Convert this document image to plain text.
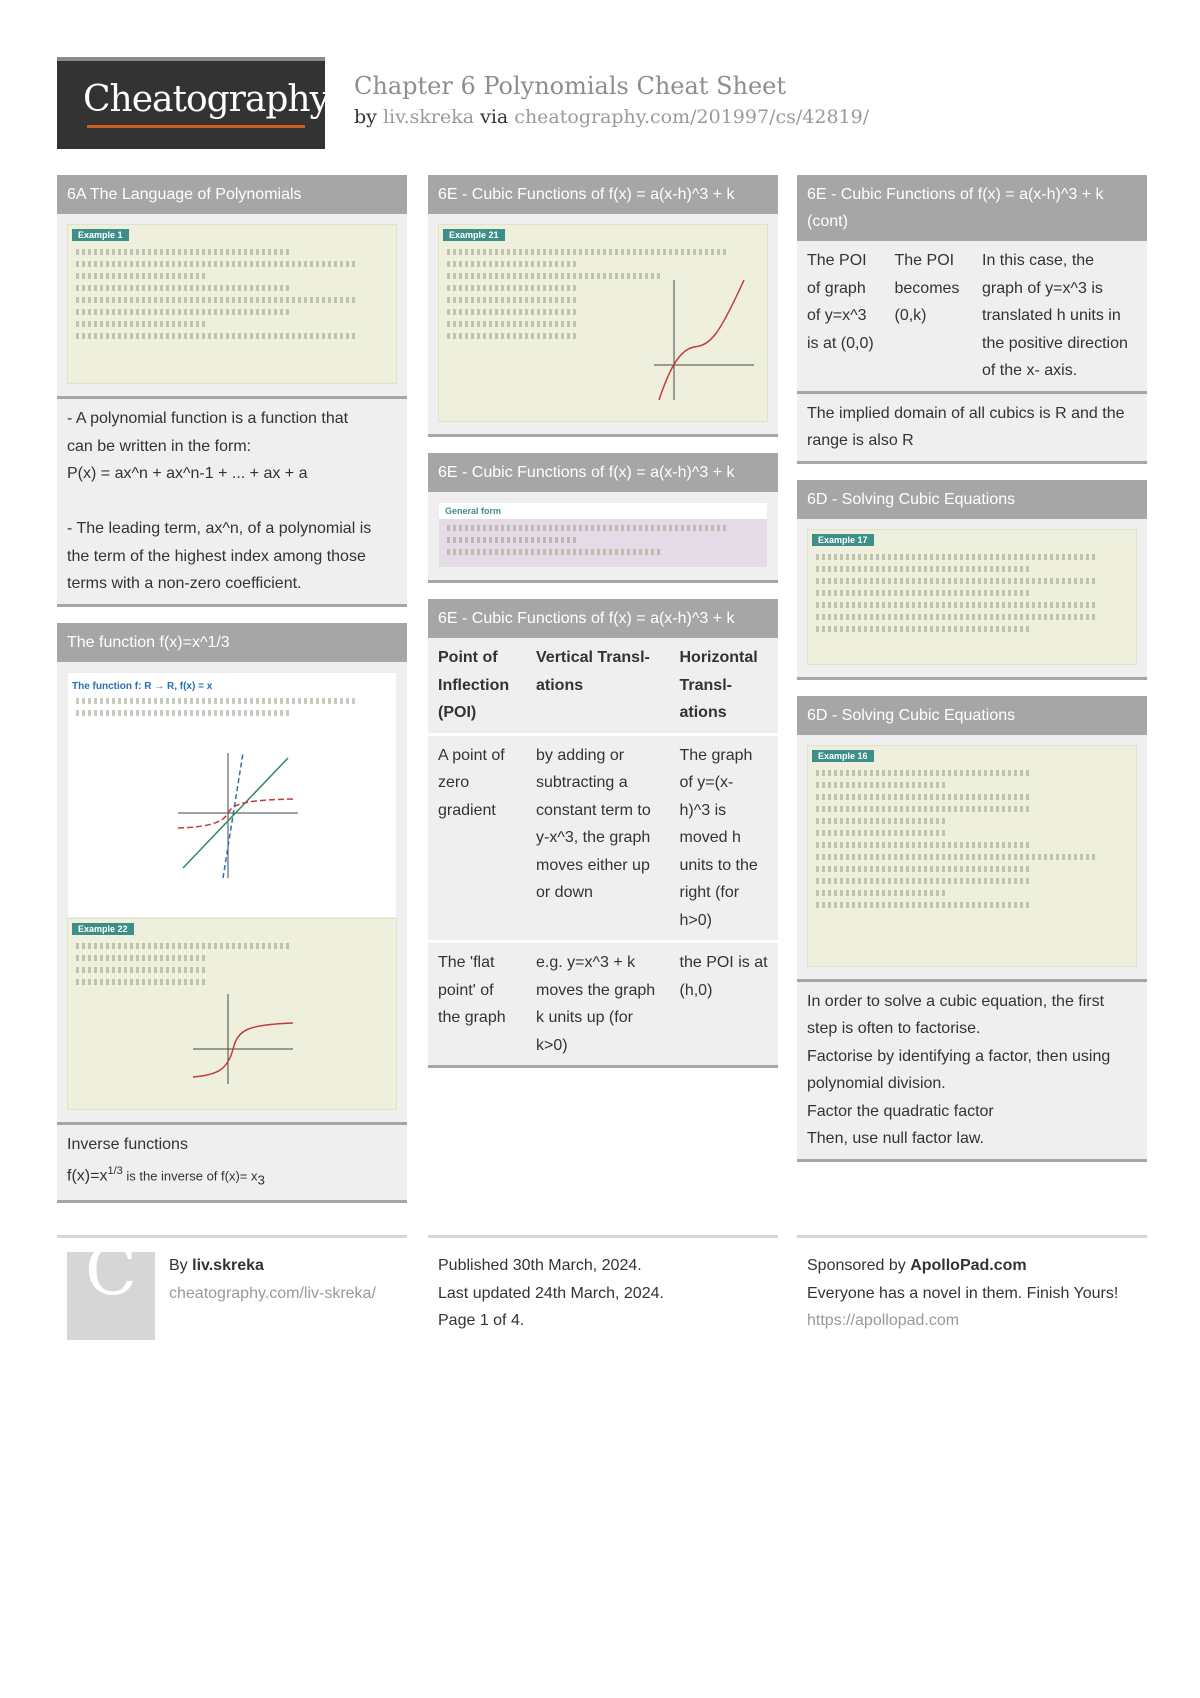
Cheatography Chapter 6 Polynomials Cheat Sheet
by liv.skreka via cheatography.com/201997/cs/42819/
6A The Language of Polynomials
Example 1
- A polynomial function is a function that
can be written in the form:
P(x) = ax^n + ax^n-1 + ... + ax + a
- The leading term, ax^n, of a polynomial is
the term of the highest index among those
terms with a non-zero coefficient.
The function f(x)=x^1/3
The function f: R → R, f(x) = x
Example 22
Inverse functions
$f(x)=x^{1/3}$ is the inverse of $f(x)= x_3$
6E - Cubic Functions of f(x) = a(x-h)^3 + k
Example 21
6E - Cubic Functions of f(x) = a(x-h)^3 + k
General form
6E - Cubic Functions of f(x) = a(x-h)^3 + k
Point of Inflection (POI)	Vertical Transl- ations	Horizontal Transl- ations
A point of zero gradient	by adding or subtracting a constant term to y-x^3, the graph moves either up or down	The graph of y=(x- h)^3 is moved h units to the right (for h>0)
The 'flat point' of the graph	e.g. y=x^3 + k moves the graph k units up (for k>0)	the POI is at (h,0)
6E - Cubic Functions of f(x) = a(x-h)^3 + k (cont)
The POI of graph of y=x^3 is at (0,0)	The POI becomes (0,k)	In this case, the graph of y=x^3 is translated h units in the positive direction of the x- axis.
The implied domain of all cubics is R and the range is also R
6D - Solving Cubic Equations
Example 17
6D - Solving Cubic Equations
Example 16
In order to solve a cubic equation, the first
step is often to factorise.
Factorise by identifying a factor, then using
polynomial division.
Factor the quadratic factor
Then, use null factor law.
C By liv.skreka
cheatography.com/liv-skreka/
Published 30th March, 2024.
Last updated 24th March, 2024.
Page 1 of 4.
Sponsored by ApolloPad.com
Everyone has a novel in them. Finish Yours!
https://apollopad.com
